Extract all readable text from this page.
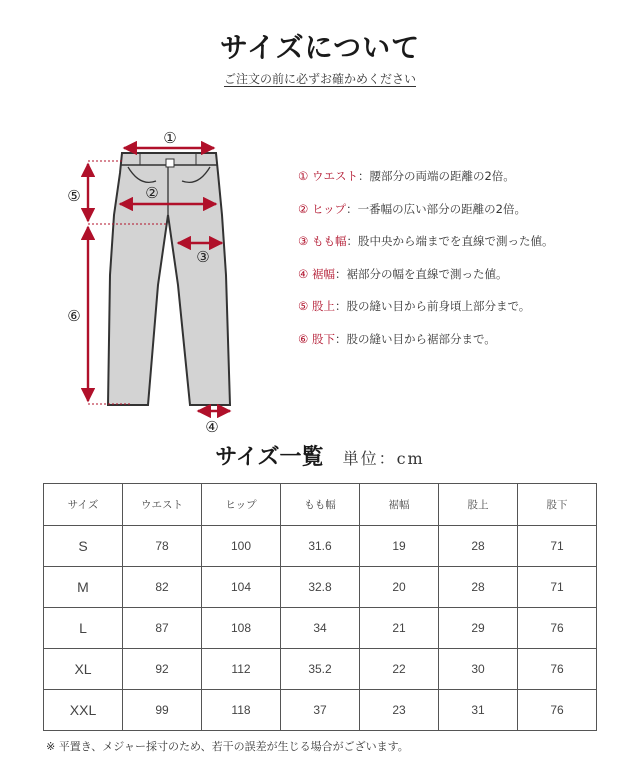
サイズについて
ご注文の前に必ずお確かめください
①
②
③
④
⑤
⑥
① ウエスト：腰部分の両端の距離の2倍。
② ヒップ：一番幅の広い部分の距離の2倍。
③ もも幅：股中央から端までを直線で測った値。
④ 裾幅：裾部分の幅を直線で測った値。
⑤ 股上：股の縫い目から前身頃上部分まで。
⑥ 股下：股の縫い目から裾部分まで。
サイズ一覧 単位：cm
サイズ	ウエスト	ヒップ	もも幅	裾幅	股上	股下
S	78	100	31.6	19	28	71
M	82	104	32.8	20	28	71
L	87	108	34	21	29	76
XL	92	112	35.2	22	30	76
XXL	99	118	37	23	31	76
※ 平置き、メジャー採寸のため、若干の誤差が生じる場合がございます。
